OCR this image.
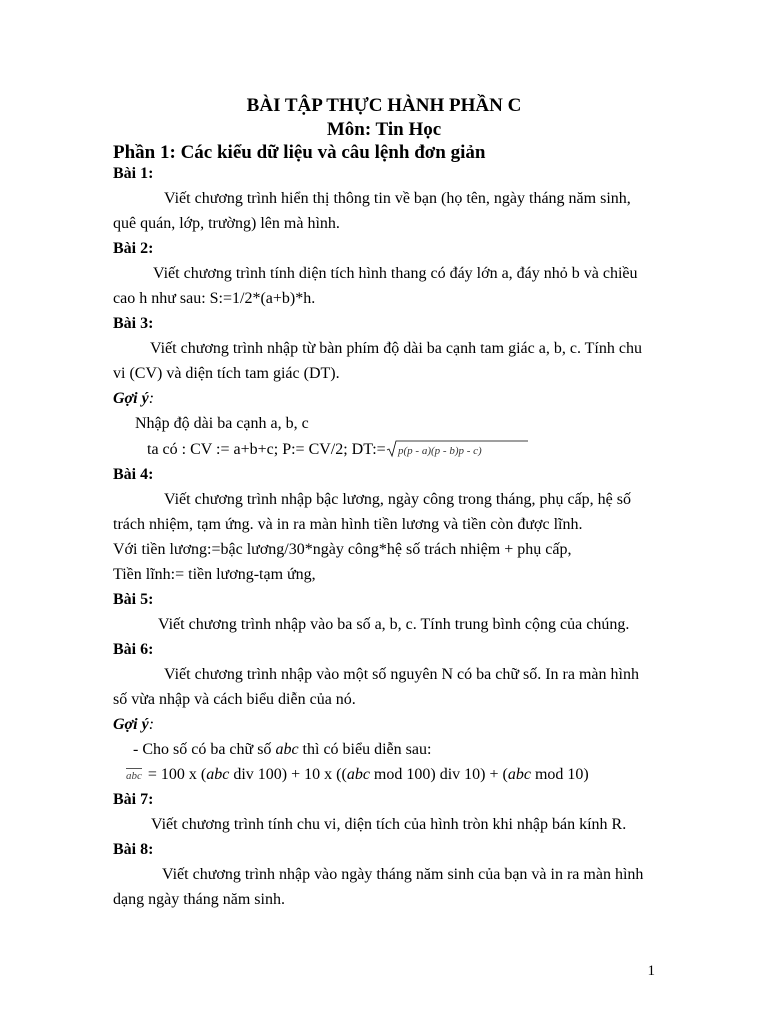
BÀI TẬP THỰC HÀNH PHẦN C
Môn: Tin Học
Phần 1: Các kiểu dữ liệu và câu lệnh đơn giản
Bài 1:
Viết chương trình hiển thị thông tin về bạn (họ tên, ngày tháng năm sinh,
quê quán, lớp, trường) lên mà hình.
Bài 2:
Viết chương trình tính diện tích hình thang có đáy lớn a, đáy nhỏ b và chiều
cao h như sau: S:=1/2*(a+b)*h.
Bài 3:
Viết chương trình nhập từ bàn phím độ dài ba cạnh tam giác a, b, c. Tính chu
vi (CV) và diện tích tam giác (DT).
Gợi ý:
Nhập độ dài ba cạnh a, b, c
ta có : CV := a+b+c; P:= CV/2; DT:= p(p - a)(p - b)p - c)
Bài 4:
Viết chương trình nhập bậc lương, ngày công trong tháng, phụ cấp, hệ số
trách nhiệm, tạm ứng. và in ra màn hình tiền lương và tiền còn được lĩnh.
Với tiền lương:=bậc lương/30*ngày công*hệ số trách nhiệm + phụ cấp,
Tiền lĩnh:= tiền lương-tạm ứng,
Bài 5:
Viết chương trình nhập vào ba số a, b, c. Tính trung bình cộng của chúng.
Bài 6:
Viết chương trình nhập vào một số nguyên N có ba chữ số. In ra màn hình
số vừa nhập và cách biểu diễn của nó.
Gợi ý:
- Cho số có ba chữ số abc thì có biểu diễn sau:
abc = 100 x (abc div 100) + 10 x ((abc mod 100) div 10) + (abc mod 10)
Bài 7:
Viết chương trình tính chu vi, diện tích của hình tròn khi nhập bán kính R.
Bài 8:
Viết chương trình nhập vào ngày tháng năm sinh của bạn và in ra màn hình
dạng ngày tháng năm sinh.
1
